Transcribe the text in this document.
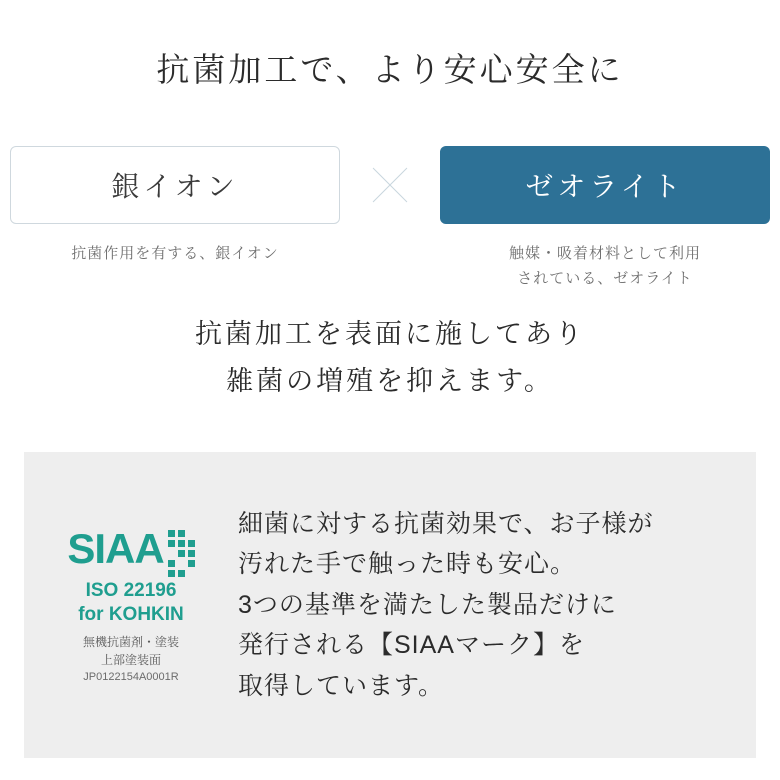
抗菌加工で、より安心安全に
銀イオン
抗菌作用を有する、銀イオン
ゼオライト
触媒・吸着材料として利用
されている、ゼオライト
抗菌加工を表面に施してあり
雑菌の増殖を抑えます。
SIAA
ISO 22196
for KOHKIN
無機抗菌剤・塗装
上部塗装面
JP0122154A0001R
細菌に対する抗菌効果で、お子様が
汚れた手で触った時も安心。
3つの基準を満たした製品だけに
発行される【SIAAマーク】を
取得しています。
